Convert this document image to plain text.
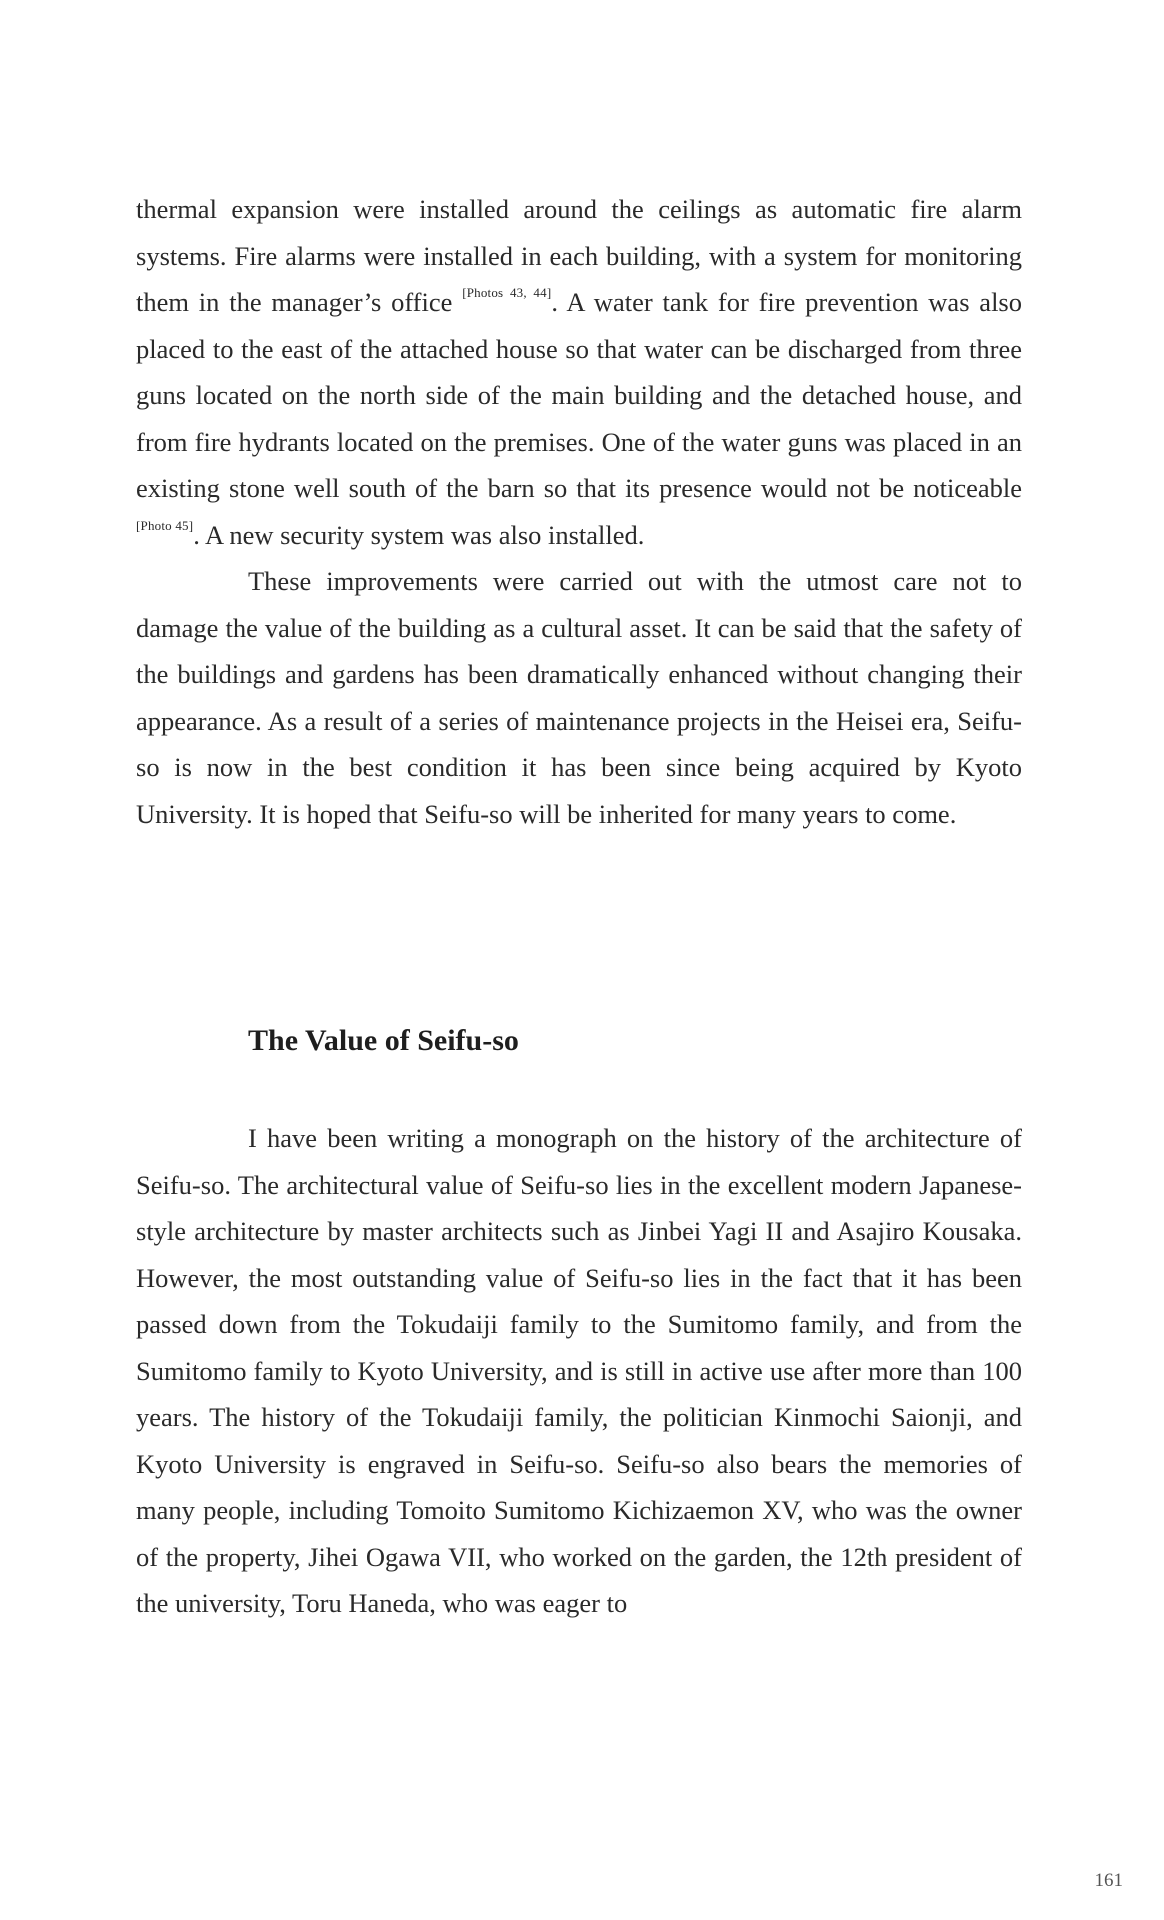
thermal expansion were installed around the ceilings as automatic fire alarm systems. Fire alarms were installed in each building, with a system for monitoring them in the manager’s office [Photos 43, 44]. A water tank for fire prevention was also placed to the east of the attached house so that water can be discharged from three guns located on the north side of the main building and the detached house, and from fire hydrants located on the premises. One of the water guns was placed in an existing stone well south of the barn so that its presence would not be noticeable [Photo 45]. A new security system was also installed.

These improvements were carried out with the utmost care not to damage the value of the building as a cultural asset. It can be said that the safety of the buildings and gardens has been dramatically enhanced without changing their appearance. As a result of a series of maintenance projects in the Heisei era, Seifu-so is now in the best condition it has been since being acquired by Kyoto University. It is hoped that Seifu-so will be inherited for many years to come.

The Value of Seifu-so

I have been writing a monograph on the history of the architecture of Seifu-so. The architectural value of Seifu-so lies in the excellent modern Japanese-style architecture by master architects such as Jinbei Yagi II and Asajiro Kousaka. However, the most outstanding value of Seifu-so lies in the fact that it has been passed down from the Tokudaiji family to the Sumitomo family, and from the Sumitomo family to Kyoto University, and is still in active use after more than 100 years. The history of the Tokudaiji family, the politician Kinmochi Saionji, and Kyoto University is engraved in Seifu-so. Seifu-so also bears the memories of many people, including Tomoito Sumitomo Kichizaemon XV, who was the owner of the property, Jihei Ogawa VII, who worked on the garden, the 12th president of the university, Toru Haneda, who was eager to

161
